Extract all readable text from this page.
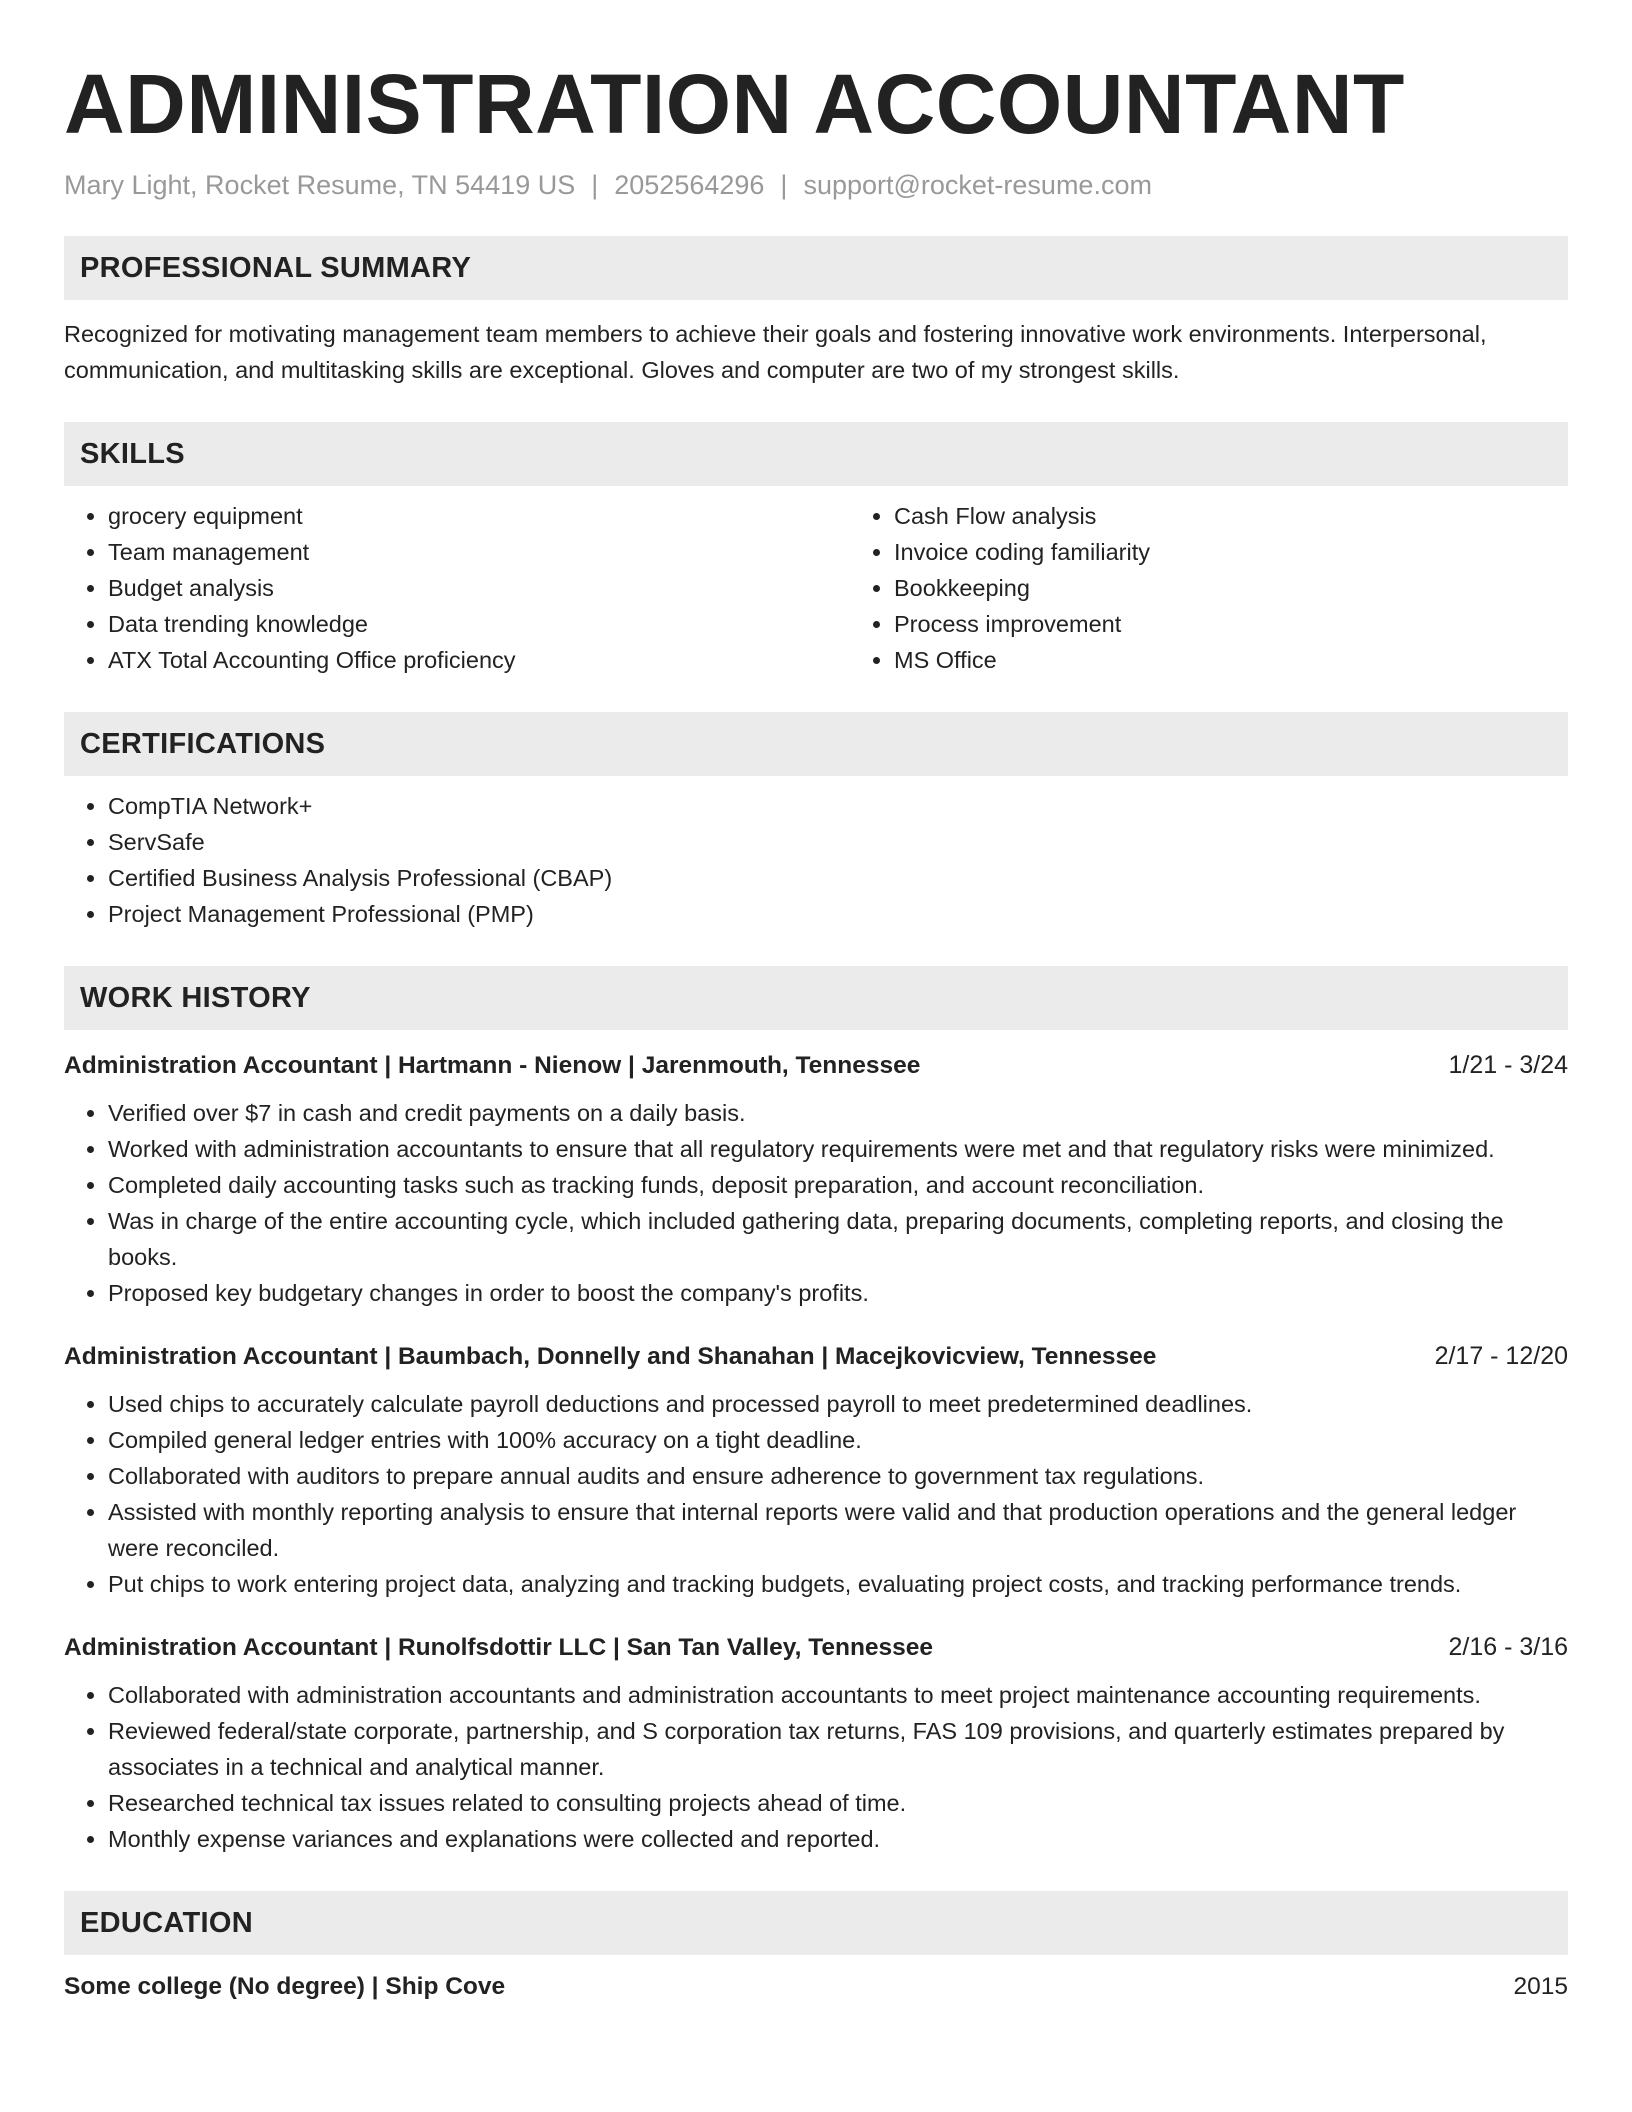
ADMINISTRATION ACCOUNTANT
Mary Light, Rocket Resume, TN 54419 US | 2052564296 | support@rocket-resume.com
PROFESSIONAL SUMMARY

Recognized for motivating management team members to achieve their goals and fostering innovative work environments. Interpersonal, communication, and multitasking skills are exceptional. Gloves and computer are two of my strongest skills.

SKILLS
• grocery equipment
• Team management
• Budget analysis
• Data trending knowledge
• ATX Total Accounting Office proficiency
• Cash Flow analysis
• Invoice coding familiarity
• Bookkeeping
• Process improvement
• MS Office
CERTIFICATIONS
• CompTIA Network+
• ServSafe
• Certified Business Analysis Professional (CBAP)
• Project Management Professional (PMP)
WORK HISTORY
Administration Accountant | Hartmann - Nienow | Jarenmouth, Tennessee	1/21 - 3/24
• Verified over $7 in cash and credit payments on a daily basis.
• Worked with administration accountants to ensure that all regulatory requirements were met and that regulatory risks were minimized.
• Completed daily accounting tasks such as tracking funds, deposit preparation, and account reconciliation.
• Was in charge of the entire accounting cycle, which included gathering data, preparing documents, completing reports, and closing the books.
• Proposed key budgetary changes in order to boost the company's profits.
Administration Accountant | Baumbach, Donnelly and Shanahan | Macejkovicview, Tennessee	2/17 - 12/20
• Used chips to accurately calculate payroll deductions and processed payroll to meet predetermined deadlines.
• Compiled general ledger entries with 100% accuracy on a tight deadline.
• Collaborated with auditors to prepare annual audits and ensure adherence to government tax regulations.
• Assisted with monthly reporting analysis to ensure that internal reports were valid and that production operations and the general ledger were reconciled.
• Put chips to work entering project data, analyzing and tracking budgets, evaluating project costs, and tracking performance trends.
Administration Accountant | Runolfsdottir LLC | San Tan Valley, Tennessee	2/16 - 3/16
• Collaborated with administration accountants and administration accountants to meet project maintenance accounting requirements.
• Reviewed federal/state corporate, partnership, and S corporation tax returns, FAS 109 provisions, and quarterly estimates prepared by associates in a technical and analytical manner.
• Researched technical tax issues related to consulting projects ahead of time.
• Monthly expense variances and explanations were collected and reported.
EDUCATION
Some college (No degree) | Ship Cove	2015
